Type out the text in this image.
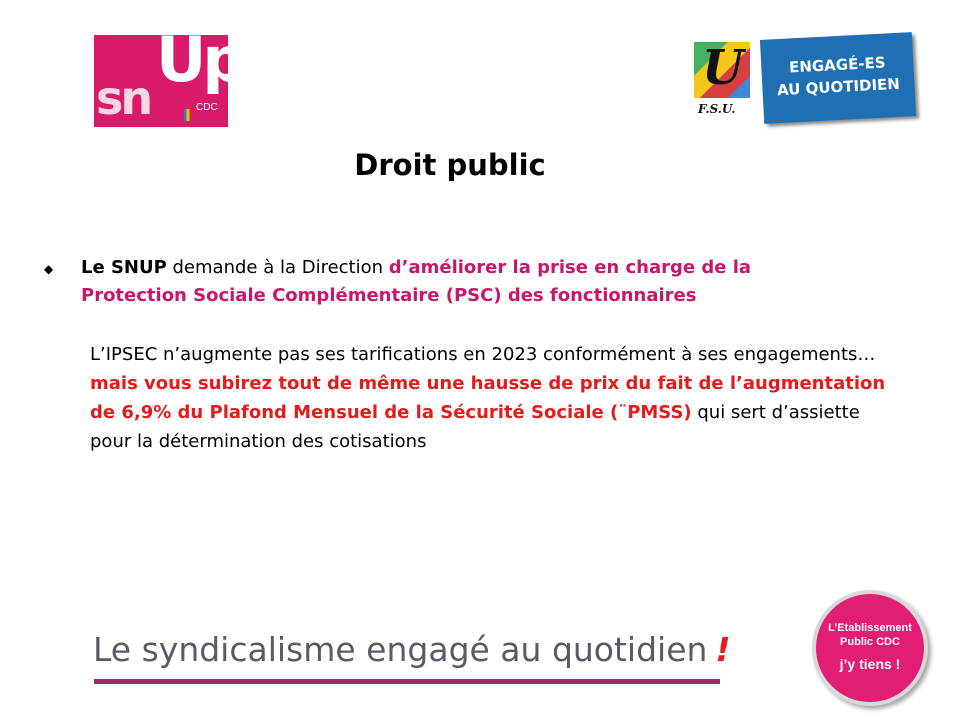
sn
Up
CDC
U
F.S.U.
ENGAGÉ-ES
AU QUOTIDIEN
Droit public
◆ Le SNUP demande à la Direction d’améliorer la prise en charge de la Protection Sociale Complémentaire (PSC) des fonctionnaires
L’IPSEC n’augmente pas ses tarifications en 2023 conformément à ses engagements… mais vous subirez tout de même une hausse de prix du fait de l’augmentation de 6,9% du Plafond Mensuel de la Sécurité Sociale (¨PMSS) qui sert d’assiette pour la détermination des cotisations
Le syndicalisme engagé au quotidien !
L’Etablissement
Public CDC
j’y tiens !
